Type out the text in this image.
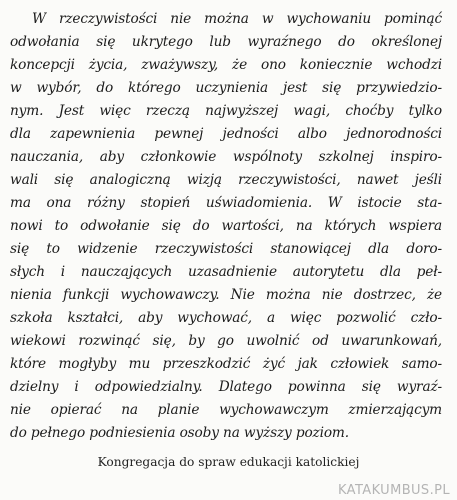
W rzeczywistości nie można w wychowaniu pominąć
odwołania się ukrytego lub wyraźnego do określonej
koncepcji życia, zważywszy, że ono koniecznie wchodzi
w wybór, do którego uczynienia jest się przywiedzio-
nym. Jest więc rzeczą najwyższej wagi, choćby tylko
dla zapewnienia pewnej jedności albo jednorodności
nauczania, aby członkowie wspólnoty szkolnej inspiro-
wali się analogiczną wizją rzeczywistości, nawet jeśli
ma ona różny stopień uświadomienia. W istocie sta-
nowi to odwołanie się do wartości, na których wspiera
się to widzenie rzeczywistości stanowiącej dla doro-
słych i nauczających uzasadnienie autorytetu dla peł-
nienia funkcji wychowawczy. Nie można nie dostrzec, że
szkoła kształci, aby wychować, a więc pozwolić czło-
wiekowi rozwinąć się, by go uwolnić od uwarunkowań,
które mogłyby mu przeszkodzić żyć jak człowiek samo-
dzielny i odpowiedzialny. Dlatego powinna się wyraź-
nie opierać na planie wychowawczym zmierzającym
do pełnego podniesienia osoby na wyższy poziom.

Kongregacja do spraw edukacji katolickiej

KATAKUMBUS.PL
